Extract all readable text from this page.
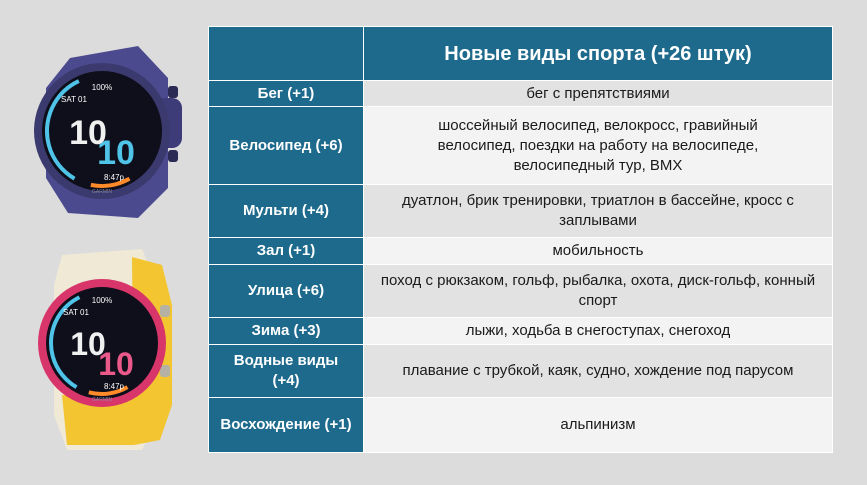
100%
SAT 01
10
10
8:47p
GARMIN
100%
SAT 01
10
10
8:47p
GARMIN
	Новые виды спорта (+26 штук)
Бег (+1)	бег с препятствиями
Велосипед (+6)	шоссейный велосипед, велокросс, гравийный велосипед, поездки на работу на велосипеде, велосипедный тур, BMX
Мульти (+4)	дуатлон, брик тренировки, триатлон в бассейне, кросс с заплывами
Зал (+1)	мобильность
Улица (+6)	поход с рюкзаком, гольф, рыбалка, охота, диск-гольф, конный спорт
Зима (+3)	лыжи, ходьба в снегоступах, снегоход
Водные виды (+4)	плавание с трубкой, каяк, судно, хождение под парусом
Восхождение (+1)	альпинизм
